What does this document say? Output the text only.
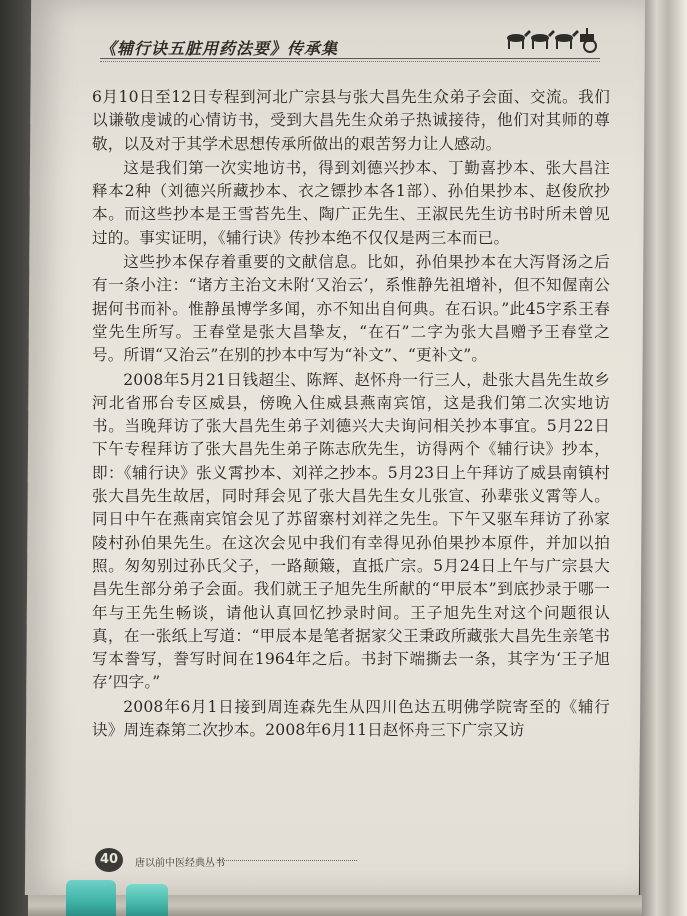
《辅行诀五脏用药法要》传承集

6月10日至12日专程到河北广宗县与张大昌先生众弟子会面、交流。我们以谦敬虔诚的心情访书，受到大昌先生众弟子热诚接待，他们对其师的尊敬，以及对于其学术思想传承所做出的艰苦努力让人感动。

这是我们第一次实地访书，得到刘德兴抄本、丁勤喜抄本、张大昌注释本2种（刘德兴所藏抄本、衣之镖抄本各1部）、孙伯果抄本、赵俊欣抄本。而这些抄本是王雪苔先生、陶广正先生、王淑民先生访书时所未曾见过的。事实证明，《辅行诀》传抄本绝不仅仅是两三本而已。

这些抄本保存着重要的文献信息。比如，孙伯果抄本在大泻肾汤之后有一条小注：“诸方主治文未附‘又治云’，系惟静先祖增补，但不知偓南公据何书而补。惟静虽博学多闻，亦不知出自何典。在石识。”此45字系王春堂先生所写。王春堂是张大昌挚友，“在石”二字为张大昌赠予王春堂之号。所谓“又治云”在别的抄本中写为“补文”、“更补文”。

2008年5月21日钱超尘、陈辉、赵怀舟一行三人，赴张大昌先生故乡河北省邢台专区威县，傍晚入住威县燕南宾馆，这是我们第二次实地访书。当晚拜访了张大昌先生弟子刘德兴大夫询问相关抄本事宜。5月22日下午专程拜访了张大昌先生弟子陈志欣先生，访得两个《辅行诀》抄本，即：《辅行诀》张义霄抄本、刘祥之抄本。5月23日上午拜访了威县南镇村张大昌先生故居，同时拜会见了张大昌先生女儿张宣、孙辈张义霄等人。同日中午在燕南宾馆会见了苏留寨村刘祥之先生。下午又驱车拜访了孙家陵村孙伯果先生。在这次会见中我们有幸得见孙伯果抄本原件，并加以拍照。匆匆别过孙氏父子，一路颠簸，直抵广宗。5月24日上午与广宗县大昌先生部分弟子会面。我们就王子旭先生所献的“甲辰本”到底抄录于哪一年与王先生畅谈，请他认真回忆抄录时间。王子旭先生对这个问题很认真，在一张纸上写道：“甲辰本是笔者据家父王秉政所藏张大昌先生亲笔书写本誊写，誊写时间在1964年之后。书封下端撕去一条，其字为‘王子旭存’四字。”

2008年6月1日接到周连森先生从四川色达五明佛学院寄至的《辅行诀》周连森第二次抄本。2008年6月11日赵怀舟三下广宗又访

40	唐以前中医经典丛书
